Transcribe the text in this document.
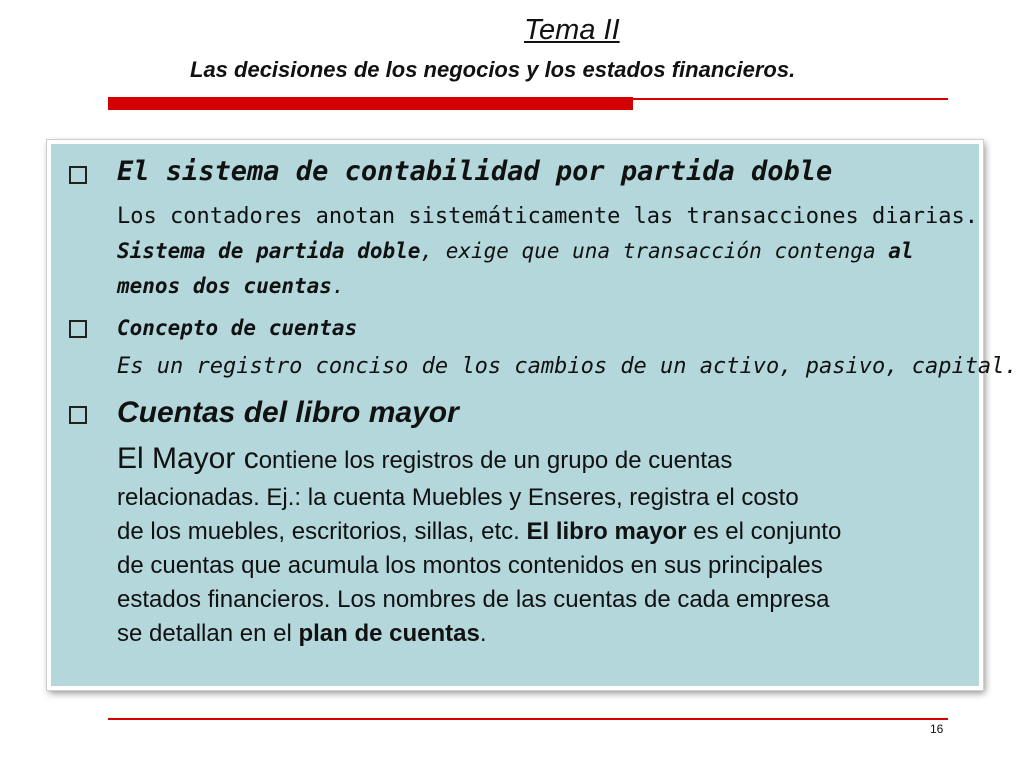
Tema II
Las decisiones de los negocios y los estados financieros.
El sistema de contabilidad por partida doble
Los contadores anotan sistemáticamente las transacciones diarias.
Sistema de partida doble, exige que una transacción contenga al
menos dos cuentas.
Concepto de cuentas
Es un registro conciso de los cambios de un activo, pasivo, capital.
Cuentas del libro mayor
El Mayor contiene los registros de un grupo de cuentas
relacionadas. Ej.: la cuenta Muebles y Enseres, registra el costo
de los muebles, escritorios, sillas, etc. El libro mayor es el conjunto
de cuentas que acumula los montos contenidos en sus principales
estados financieros. Los nombres de las cuentas de cada empresa
se detallan en el plan de cuentas.
16
